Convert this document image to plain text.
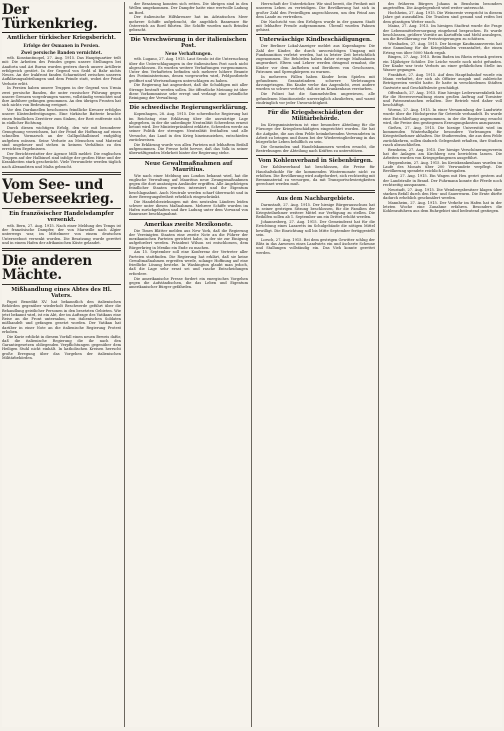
Der Türkenkrieg.
Amtlicher türkischer Kriegsbericht.
Erfolge der Osmanen in Persien.
Zwei persische Banden vernichtet.

wtb. Konstantinopel, 27. Aug. 1915. Das Hauptquartier teilt mit: Die Arbeiten des Feindes gegen unsere Stellungen bei Anaforta und Ari Burnu wurden gestern durch unsere Artillerie erfolgreich gestört. In der Gegend von Sedd ul Bahr nichts Neues. An der Irakfront fanden Scharmützel zwischen unseren Aufklärungsabteilungen und dem Feinde statt, wobei der Feind Verluste erlitt.

In Persien haben unsere Truppen in der Gegend von Urmia zwei persische Banden, die unter russischer Führung gegen unsere Grenzen vorgedrungen waren, vollständig vernichtet und ihre Anführer gefangen genommen. An den übrigen Fronten hat sich nichts von Bedeutung ereignet.

Vor den Dardanellen beschossen feindliche Kreuzer erfolglos unsere Küstenbefestigungen. Eine türkische Batterie brachte einen feindlichen Zerstörer zum Sinken, der Rest entfernte sich in südlicher Richtung.

Durch diesen wichtigen Erfolg, den wir mit besonderer Genugtuung verzeichnen, hat der Feind die Hoffnung auf einen schnellen Vormarsch an der Gallipolihalbinsel endgültig aufgeben müssen. Seine Verluste an Menschen und Material sind ungeheuer und stehen in keinem Verhältnis zu den erreichten Ergebnissen.

Der Berichterstatter der Agence Milli meldet: Die englischen Truppen auf der Halbinsel sind infolge der großen Hitze und der Krankheiten stark geschwächt. Viele Verwundete werden täglich nach Alexandrien und Malta gebracht.

Vom See- und Ueberseekrieg.
Ein französischer Handelsdampfer versenkt.

wtb. Bern, 27. Aug. 1915. Nach einer Meldung des Temps ist der französische Dampfer, der von Marseille nach Algier unterwegs war, im Mittelmeer von einem deutschen Unterseeboot versenkt worden. Die Besatzung wurde gerettet und in einem Hafen der afrikanischen Küste gelandet.

Die anderen Mächte.
Mißhandlung eines Abtes des Hl. Vaters.

Papst Benedikt XV. hat bekanntlich den italienischen Behörden gegenüber wiederholt Beschwerde geführt über die Behandlung geistlicher Personen in den besetzten Gebieten. Wie jetzt bekannt wird, ist ein Abt, der im Auftrage des Vatikans eine Reise an die Front unternahm, von italienischen Soldaten mißhandelt und gefangen gesetzt worden. Der Vatikan hat darüber in einer Note an die italienische Regierung Protest erhoben.

Die Kurie erblickt in diesem Vorfall einen neuen Beweis dafür, daß die italienische Regierung die ihr nach den Garantiegesetzen obliegenden Verpflichtungen gegenüber dem Heiligen Stuhl nicht einhält. In katholischen Kreisen herrscht große Erregung über das Vorgehen der italienischen Militärbehörden.

der Besatzung konnten sich retten. Die übrigen sind in den Wellen umgekommen. Der Dampfer hatte eine wertvolle Ladung an Bord.

Der italienische Hilfskreuzer hat im Adriatischen Meer mehrere Schiffe aufgebracht, die angeblich Bannware für Österreich an Bord führten. Die Schiffe wurden nach Brindisi gebracht.

Die Verschwörung in der italienischen Post.
Neue Verhaftungen.

wtb. Lugano, 27. Aug. 1915. Laut Secolo ist die Untersuchung über die Unterschlagungen in der italienischen Post noch nicht abgeschlossen. Es wurden weitere Verhaftungen vorgenommen. Unter den Verhafteten befinden sich mehrere höhere Beamte des Postministeriums, denen vorgeworfen wird, Feldpostbriefe geöffnet und Wertsendungen unterschlagen zu haben.

Die Regierung hat angeordnet, daß die Schuldigen mit aller Strenge bestraft werden sollen. Die öffentliche Meinung ist über diese Vorkommnisse sehr erregt und verlangt eine gründliche Reinigung der Verwaltung.

Die schwedische Regierungserklärung.

Kopenhagen, 28. Aug. 1915. Die schwedische Regierung hat im Reichstag eine Erklärung über die auswärtige Lage abgegeben, in der die unbedingte Neutralität Schwedens erneut betont wird. Der Ministerpräsident erklärte, Schweden werde an seiner Politik der strengen Neutralität festhalten und alle Versuche, das Land in den Krieg hineinzuziehen, entschieden zurückweisen.

Die Erklärung wurde von allen Parteien mit lebhaftem Beifall aufgenommen. Die Presse hebt hervor, daß das Volk in seiner überwältigenden Mehrheit hinter der Regierung stehe.

Neue Gewaltmaßnahmen auf Mauritius.

Wie nach einer Meldung aus London bekannt wird, hat die englische Verwaltung auf Mauritius neue Zwangsmaßnahmen gegen die dort ansässigen Ausländer ergriffen. Alle Angehörigen feindlicher Staaten wurden interniert und ihr Eigentum beschlagnahmt. Auch Neutrale werden scharf überwacht und in ihrer Bewegungsfreiheit erheblich eingeschränkt.

Die Handelsbeziehungen mit den neutralen Ländern leiden schwer unter diesen Maßnahmen. Mehrere Schiffe wurden im Hafen zurückgehalten und ihre Ladung unter dem Vorwand von Bannware beschlagnahmt.

Amerikas zweite Mexikonote.

Die Times Blätter melden aus New York, daß die Regierung der Vereinigten Staaten eine zweite Note an die Führer der mexikanischen Parteien gerichtet habe, in der sie zur Einigung aufgefordert werden. Präsident Wilson sei entschlossen, dem Bürgerkrieg in Mexiko ein Ende zu machen.

Am 15. September soll eine Konferenz der Vertreter aller Parteien stattfinden. Die Regierung hat erklärt, daß sie keine Gewaltmaßnahmen ergreifen werde, solange Hoffnung auf eine friedliche Lösung bestehe. In Washington glaubt man jedoch, daß die Lage sehr ernst sei und rasche Entscheidungen erfordere.

Die amerikanische Presse fordert ein energisches Vorgehen gegen die Aufständischen, die das Leben und Eigentum amerikanischer Bürger gefährden.

Herrschaft der Unterdrücker. Wir sind bereit, die Freiheit mit unserem Leben zu verteidigen. Die Bevölkerung hat sich in großer Zahl den Freiwilligen angeschlossen, um den Feind aus dem Lande zu vertreiben.

Die Nachricht von den Erfolgen wurde in der ganzen Stadt mit lebhafter Freude aufgenommen. Überall wurden Fahnen gehisst.

Unterwäschige Kindbeschädigungen.

Der Berliner Lokal-Anzeiger meldet aus Kopenhagen: Die Zahl der Kinder, die durch unvorsichtigen Umgang mit Fundmunition verletzt werden, hat in letzter Zeit beträchtlich zugenommen. Die Behörden haben daher strenge Maßnahmen angeordnet. Eltern und Lehrer werden dringend ermahnt, die Kinder vor dem Aufheben und Berühren von Geschossen, Patronen und Sprengkörpern zu warnen.

In mehreren Fällen haben Kinder beim Spielen mit gefundenen Granatzündern schwere Verletzungen davongetragen. Ein Knabe verlor das Augenlicht, zwei andere wurden so schwer verletzt, daß sie im Krankenhaus verstarben.

Die Polizei hat die Sammelstellen angewiesen, alle gefundenen Munitionsteile unverzüglich abzuliefern, und warnt eindringlich vor jeder Unvorsichtigkeit.

Für die Kriegsbeschädigten der Militärbehörde.

Im Kriegsministerium ist eine besondere Abteilung für die Fürsorge der Kriegsbeschädigten eingerichtet worden. Sie hat die Aufgabe, die aus dem Felde heimkehrenden Verwundeten in Arbeit zu bringen und ihnen bei der Wiedereingliederung in das bürgerliche Leben behilflich zu sein.

Die Gemeinden und Handelskammern werden ersucht, die Bestrebungen der Abteilung nach Kräften zu unterstützen.

Vom Kohlenverband in Siebenbürgen.

Der Kohlenverband hat beschlossen, die Preise für Haushaltskohle für die kommenden Wintermonate nicht zu erhöhen. Die Bevölkerung wird aufgefordert, sich rechtzeitig mit Brennmaterial zu versorgen, da mit Transportschwierigkeiten gerechnet werden muß.

Aus dem Nachbargebiete.

Darmstadt, 27. Aug. 1915. Der hiesige Bürgerausschuss hat in seiner gestrigen Sitzung beschlossen, für die Familien der Kriegsteilnehmer weitere Mittel zur Verfügung zu stellen. Die Beihilfen sollen ab 1. September um ein Drittel erhöht werden.

Johannesberg, 27. Aug. 1915. Der Gemeinderat hat für die Errichtung eines Lazaretts im Schulgebäude die nötigen Mittel bewilligt. Die Einrichtung soll bis Mitte September fertiggestellt sein.

Lorsch, 27. Aug. 1915. Bei dem gestrigen Gewitter schlug der Blitz in das Anwesen eines Landwirts ein und äscherte Scheune und Stallungen vollständig ein. Das Vieh konnte gerettet werden.

des früheren Bürgers Johann in Bensheim besonders angetroffen. Die Angelegenheit wird weiter untersucht.

Hochheim, 27. Aug. 1915. Die Weinernte verspricht in diesem Jahre gut auszufallen. Die Trauben sind gesund und reifen bei dem günstigen Wetter rasch.

Mainz, 27. Aug. 1915. Im hiesigen Stadtrat wurde die Frage der Lebensmittelversorgung eingehend besprochen. Es wurde beschlossen, größere Vorräte an Kartoffeln und Mehl anzulegen, um die Bevölkerung vor Preissteigerungen zu schützen.

Wiesbaden, 27. Aug. 1915. Der hiesige Kaufmannsverein hat eine Sammlung für die Kriegsblinden veranstaltet, die einen Ertrag von über 5000 Mark ergab.

Bingen, 27. Aug. 1915. Beim Baden im Rhein ertrank gestern ein 14jähriger Schüler. Die Leiche wurde noch nicht gefunden. Der Knabe war trotz Verbots an einer gefährlichen Stelle ins Wasser gegangen.

Frankfurt, 27. Aug. 1915. Auf dem Hauptbahnhof wurde ein Mann verhaftet, der sich als Offizier ausgab und zahlreiche Betrügereien verübt hatte. Er hatte in verschiedenen Städten Gastwirte und Geschäftsleute geschädigt.

Offenbach, 27. Aug. 1915. Eine hiesige Lederwarenfabrik hat für die Heeresverwaltung einen großen Auftrag auf Tornister und Patronentaschen erhalten. Der Betrieb wird daher voll beschäftigt.

Worms, 27. Aug. 1915. In einer Versammlung der Landwirte wurde über die Höchstpreise für Getreide verhandelt. Es wurde eine Entschließung angenommen, in der die Regierung ersucht wird, die Preise den gestiegenen Erzeugungskosten anzupassen.

Gießen, 27. Aug. 1915. Die hiesige Universität wird im kommenden Winterhalbjahr besondere Vorlesungen für Kriegsteilnehmer abhalten. Die Studierenden, die aus dem Felde zurückkehren, sollen dadurch Gelegenheit erhalten, ihre Studien rasch abzuschließen.

Bensheim, 27. Aug. 1915. Der hiesige Verschönerungsverein hat die Anlagen am Kirchberg neu herrichten lassen. Die Arbeiten wurden von Kriegsgefangenen ausgeführt.

Heppenheim, 27. Aug. 1915. Im Kreiskrankenhaus wurden im Laufe des Monats über 200 Verwundete verpflegt. Die Bevölkerung spendete reichlich Liebesgaben.

Alzey, 27. Aug. 1915. Ein Wagen mit Heu geriet gestern auf der Landstraße in Brand. Der Fuhrmann konnte die Pferde noch rechtzeitig ausspannen.

Neustadt, 27. Aug. 1915. Die Weinbergsbesitzer klagen über starken Befall durch den Heu- und Sauerwurm. Die Ernte dürfte dadurch erheblich geschmälert werden.

Mannheim, 27. Aug. 1915. Der Verkehr im Hafen hat in der letzten Woche eine Zunahme erfahren. Besonders die Kohlenzufuhren aus dem Ruhrgebiet sind bedeutend gestiegen.
